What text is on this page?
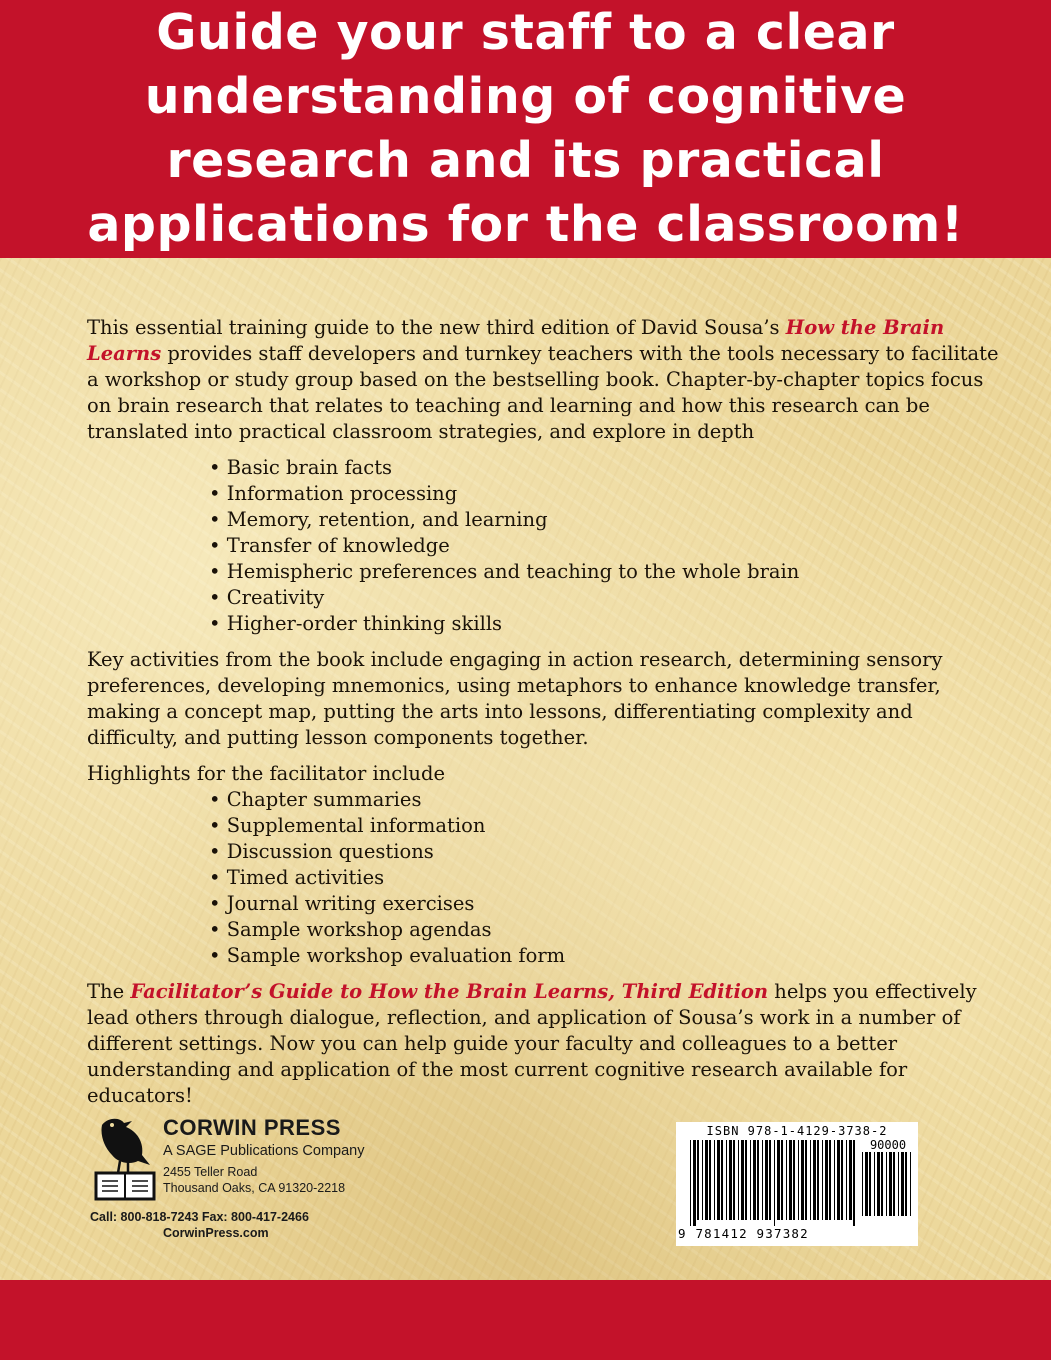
Guide your staff to a clear understanding of cognitive research and its practical applications for the classroom!

This essential training guide to the new third edition of David Sousa’s How the Brain Learns provides staff developers and turnkey teachers with the tools necessary to facilitate a workshop or study group based on the bestselling book. Chapter-by-chapter topics focus on brain research that relates to teaching and learning and how this research can be translated into practical classroom strategies, and explore in depth

• Basic brain facts
• Information processing
• Memory, retention, and learning
• Transfer of knowledge
• Hemispheric preferences and teaching to the whole brain
• Creativity
• Higher-order thinking skills

Key activities from the book include engaging in action research, determining sensory preferences, developing mnemonics, using metaphors to enhance knowledge transfer, making a concept map, putting the arts into lessons, differentiating complexity and difficulty, and putting lesson components together.

Highlights for the facilitator include

• Chapter summaries
• Supplemental information
• Discussion questions
• Timed activities
• Journal writing exercises
• Sample workshop agendas
• Sample workshop evaluation form

The Facilitator’s Guide to How the Brain Learns, Third Edition helps you effectively lead others through dialogue, reflection, and application of Sousa’s work in a number of different settings. Now you can help guide your faculty and colleagues to a better understanding and application of the most current cognitive research available for educators!

CORWIN PRESS
A SAGE Publications Company
2455 Teller Road
Thousand Oaks, CA 91320-2218
Call: 800-818-7243 Fax: 800-417-2466
CorwinPress.com
ISBN 978-1-4129-3738-2
90000
9 781412 937382
